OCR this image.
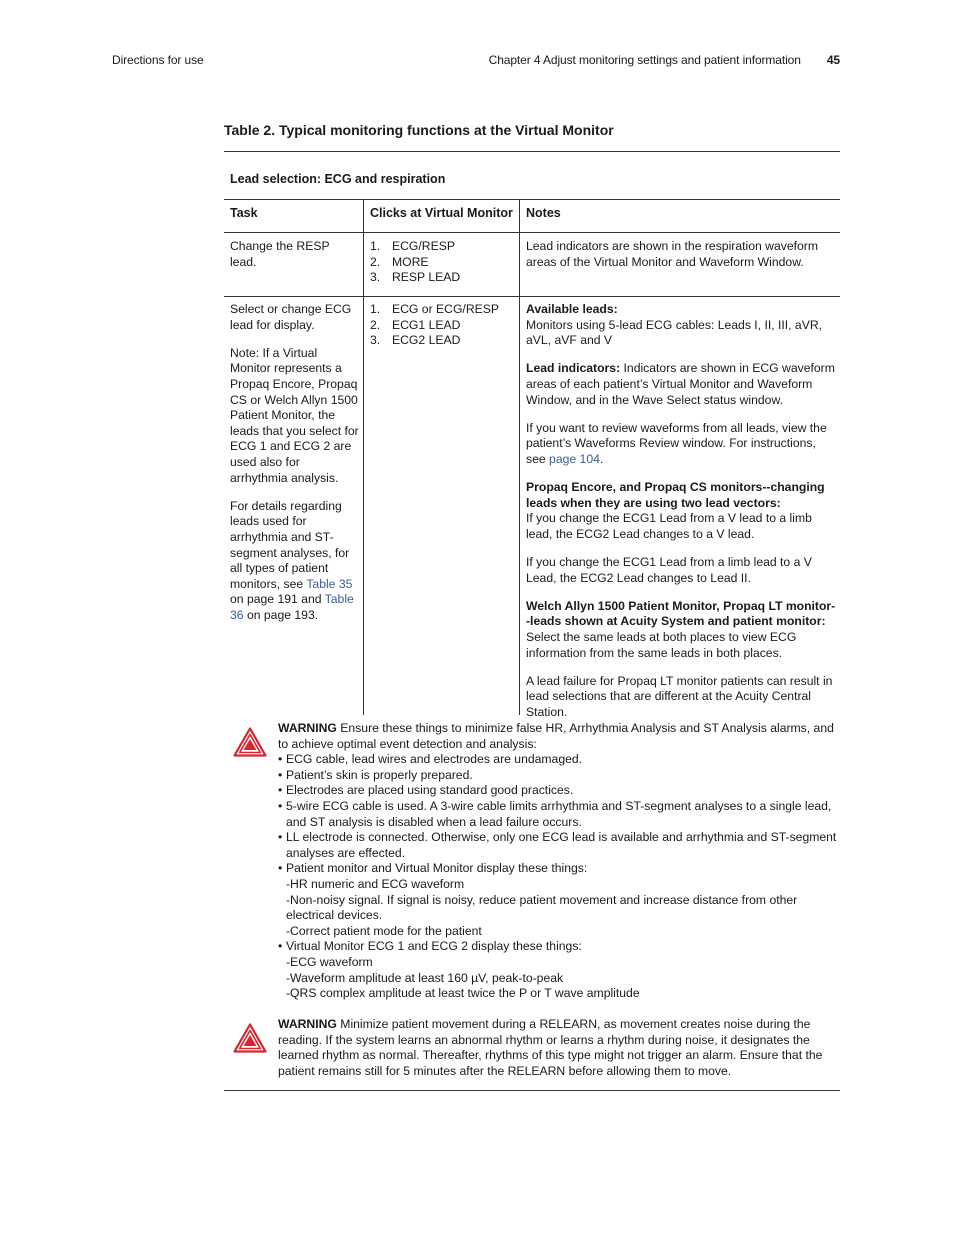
Directions for use	Chapter 4 Adjust monitoring settings and patient information 45
Table 2. Typical monitoring functions at the Virtual Monitor
Lead selection: ECG and respiration
Task	Clicks at Virtual Monitor Notes
Change the RESP lead.
1. ECG/RESP
2. MORE
3. RESP LEAD
Lead indicators are shown in the respiration waveform areas of the Virtual Monitor and Waveform Window.

Select or change ECG lead for display.

Note: If a Virtual Monitor represents a Propaq Encore, Propaq CS or Welch Allyn 1500 Patient Monitor, the leads that you select for ECG 1 and ECG 2 are used also for arrhythmia analysis.

For details regarding leads used for arrhythmia and ST-segment analyses, for all types of patient monitors, see Table 35 on page 191 and Table 36 on page 193.

1. ECG or ECG/RESP
2. ECG1 LEAD
3. ECG2 LEAD

Available leads:
Monitors using 5-lead ECG cables: Leads I, II, III, aVR, aVL, aVF and V

Lead indicators: Indicators are shown in ECG waveform areas of each patient’s Virtual Monitor and Waveform Window, and in the Wave Select status window.

If you want to review waveforms from all leads, view the patient’s Waveforms Review window. For instructions, see page 104.

Propaq Encore, and Propaq CS monitors--changing leads when they are using two lead vectors:
If you change the ECG1 Lead from a V lead to a limb lead, the ECG2 Lead changes to a V lead.

If you change the ECG1 Lead from a limb lead to a V Lead, the ECG2 Lead changes to Lead II.

Welch Allyn 1500 Patient Monitor, Propaq LT monitor--leads shown at Acuity System and patient monitor:
Select the same leads at both places to view ECG information from the same leads in both places.

A lead failure for Propaq LT monitor patients can result in lead selections that are different at the Acuity Central Station.

WARNING Ensure these things to minimize false HR, Arrhythmia Analysis and ST Analysis alarms, and to achieve optimal event detection and analysis:
• ECG cable, lead wires and electrodes are undamaged.
• Patient’s skin is properly prepared.
• Electrodes are placed using standard good practices.
• 5-wire ECG cable is used. A 3-wire cable limits arrhythmia and ST-segment analyses to a single lead, and ST analysis is disabled when a lead failure occurs.
• LL electrode is connected. Otherwise, only one ECG lead is available and arrhythmia and ST-segment analyses are effected.
• Patient monitor and Virtual Monitor display these things:
-HR numeric and ECG waveform
-Non-noisy signal. If signal is noisy, reduce patient movement and increase distance from other electrical devices.
-Correct patient mode for the patient
• Virtual Monitor ECG 1 and ECG 2 display these things:
-ECG waveform
-Waveform amplitude at least 160 µV, peak-to-peak
-QRS complex amplitude at least twice the P or T wave amplitude
WARNING Minimize patient movement during a RELEARN, as movement creates noise during the reading. If the system learns an abnormal rhythm or learns a rhythm during noise, it designates the learned rhythm as normal. Thereafter, rhythms of this type might not trigger an alarm. Ensure that the patient remains still for 5 minutes after the RELEARN before allowing them to move.
